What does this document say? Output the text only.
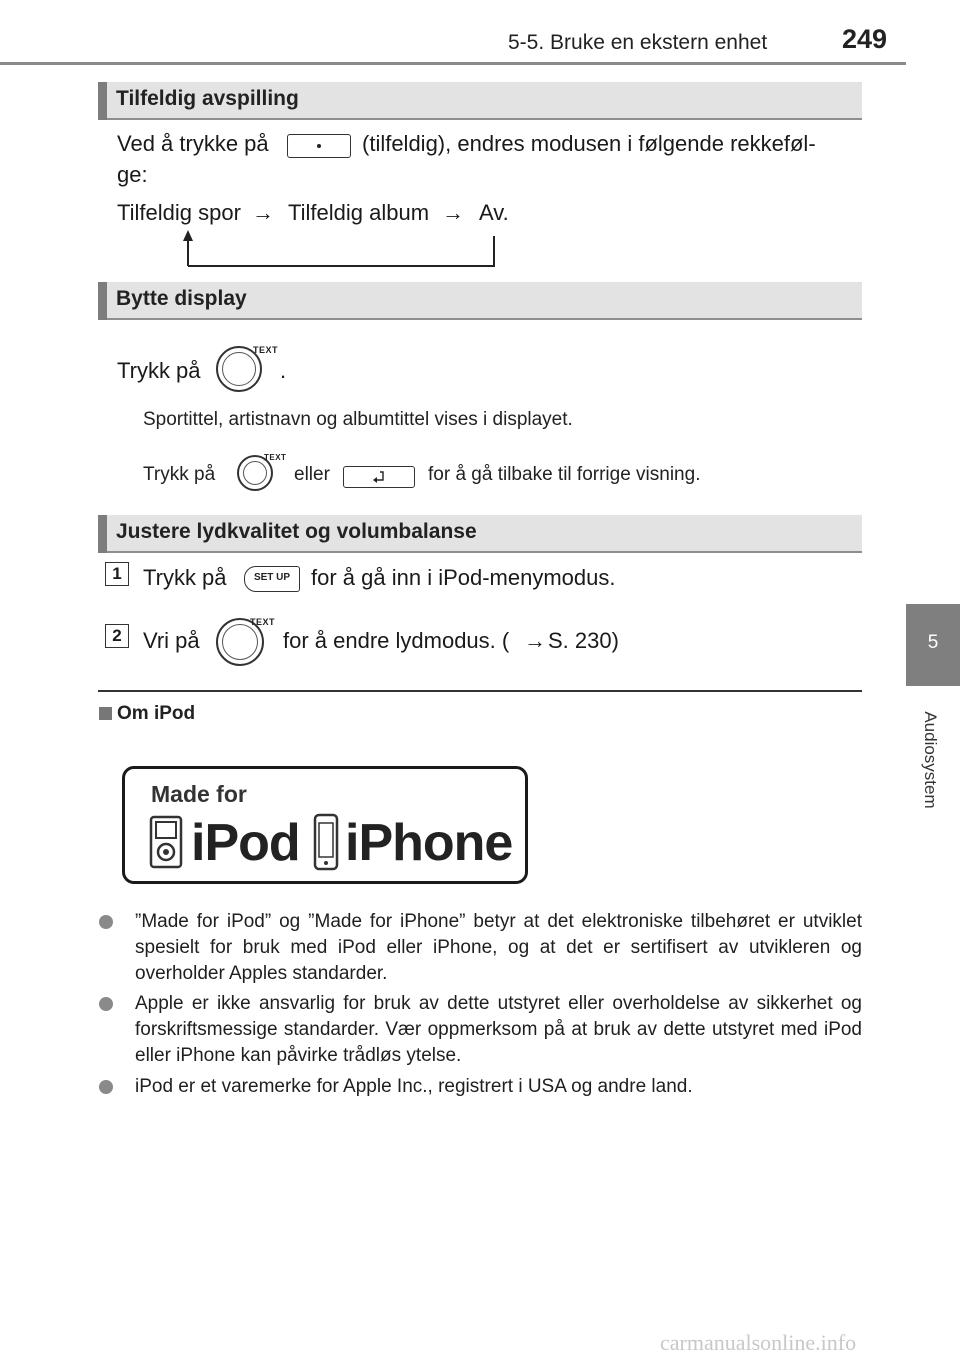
5-5. Bruke en ekstern enhet	249
5
Audiosystem
Tilfeldig avspilling
Ved å trykke på	(tilfeldig), endres modusen i følgende rekkeføl-
ge:
Tilfeldig spor → Tilfeldig album → Av.
Bytte display
Trykk på
TEXT
.
Sportittel, artistnavn og albumtittel vises i displayet.
Trykk på
TEXT
eller	for å gå tilbake til forrige visning.
Justere lydkvalitet og volumbalanse
1 Trykk på	SET UP for å gå inn i iPod-menymodus.
2 Vri på
TEXT
for å endre lydmodus. ( → S. 230)
Om iPod
Made for
iPod iPhone
”Made for iPod” og ”Made for iPhone” betyr at det elektroniske tilbehøret er utviklet spesielt for bruk med iPod eller iPhone, og at det er sertifisert av utvikleren og overholder Apples standarder.
Apple er ikke ansvarlig for bruk av dette utstyret eller overholdelse av sikkerhet og forskriftsmessige standarder. Vær oppmerksom på at bruk av dette utstyret med iPod eller iPhone kan påvirke trådløs ytelse.
iPod er et varemerke for Apple Inc., registrert i USA og andre land.
carmanualsonline.info
